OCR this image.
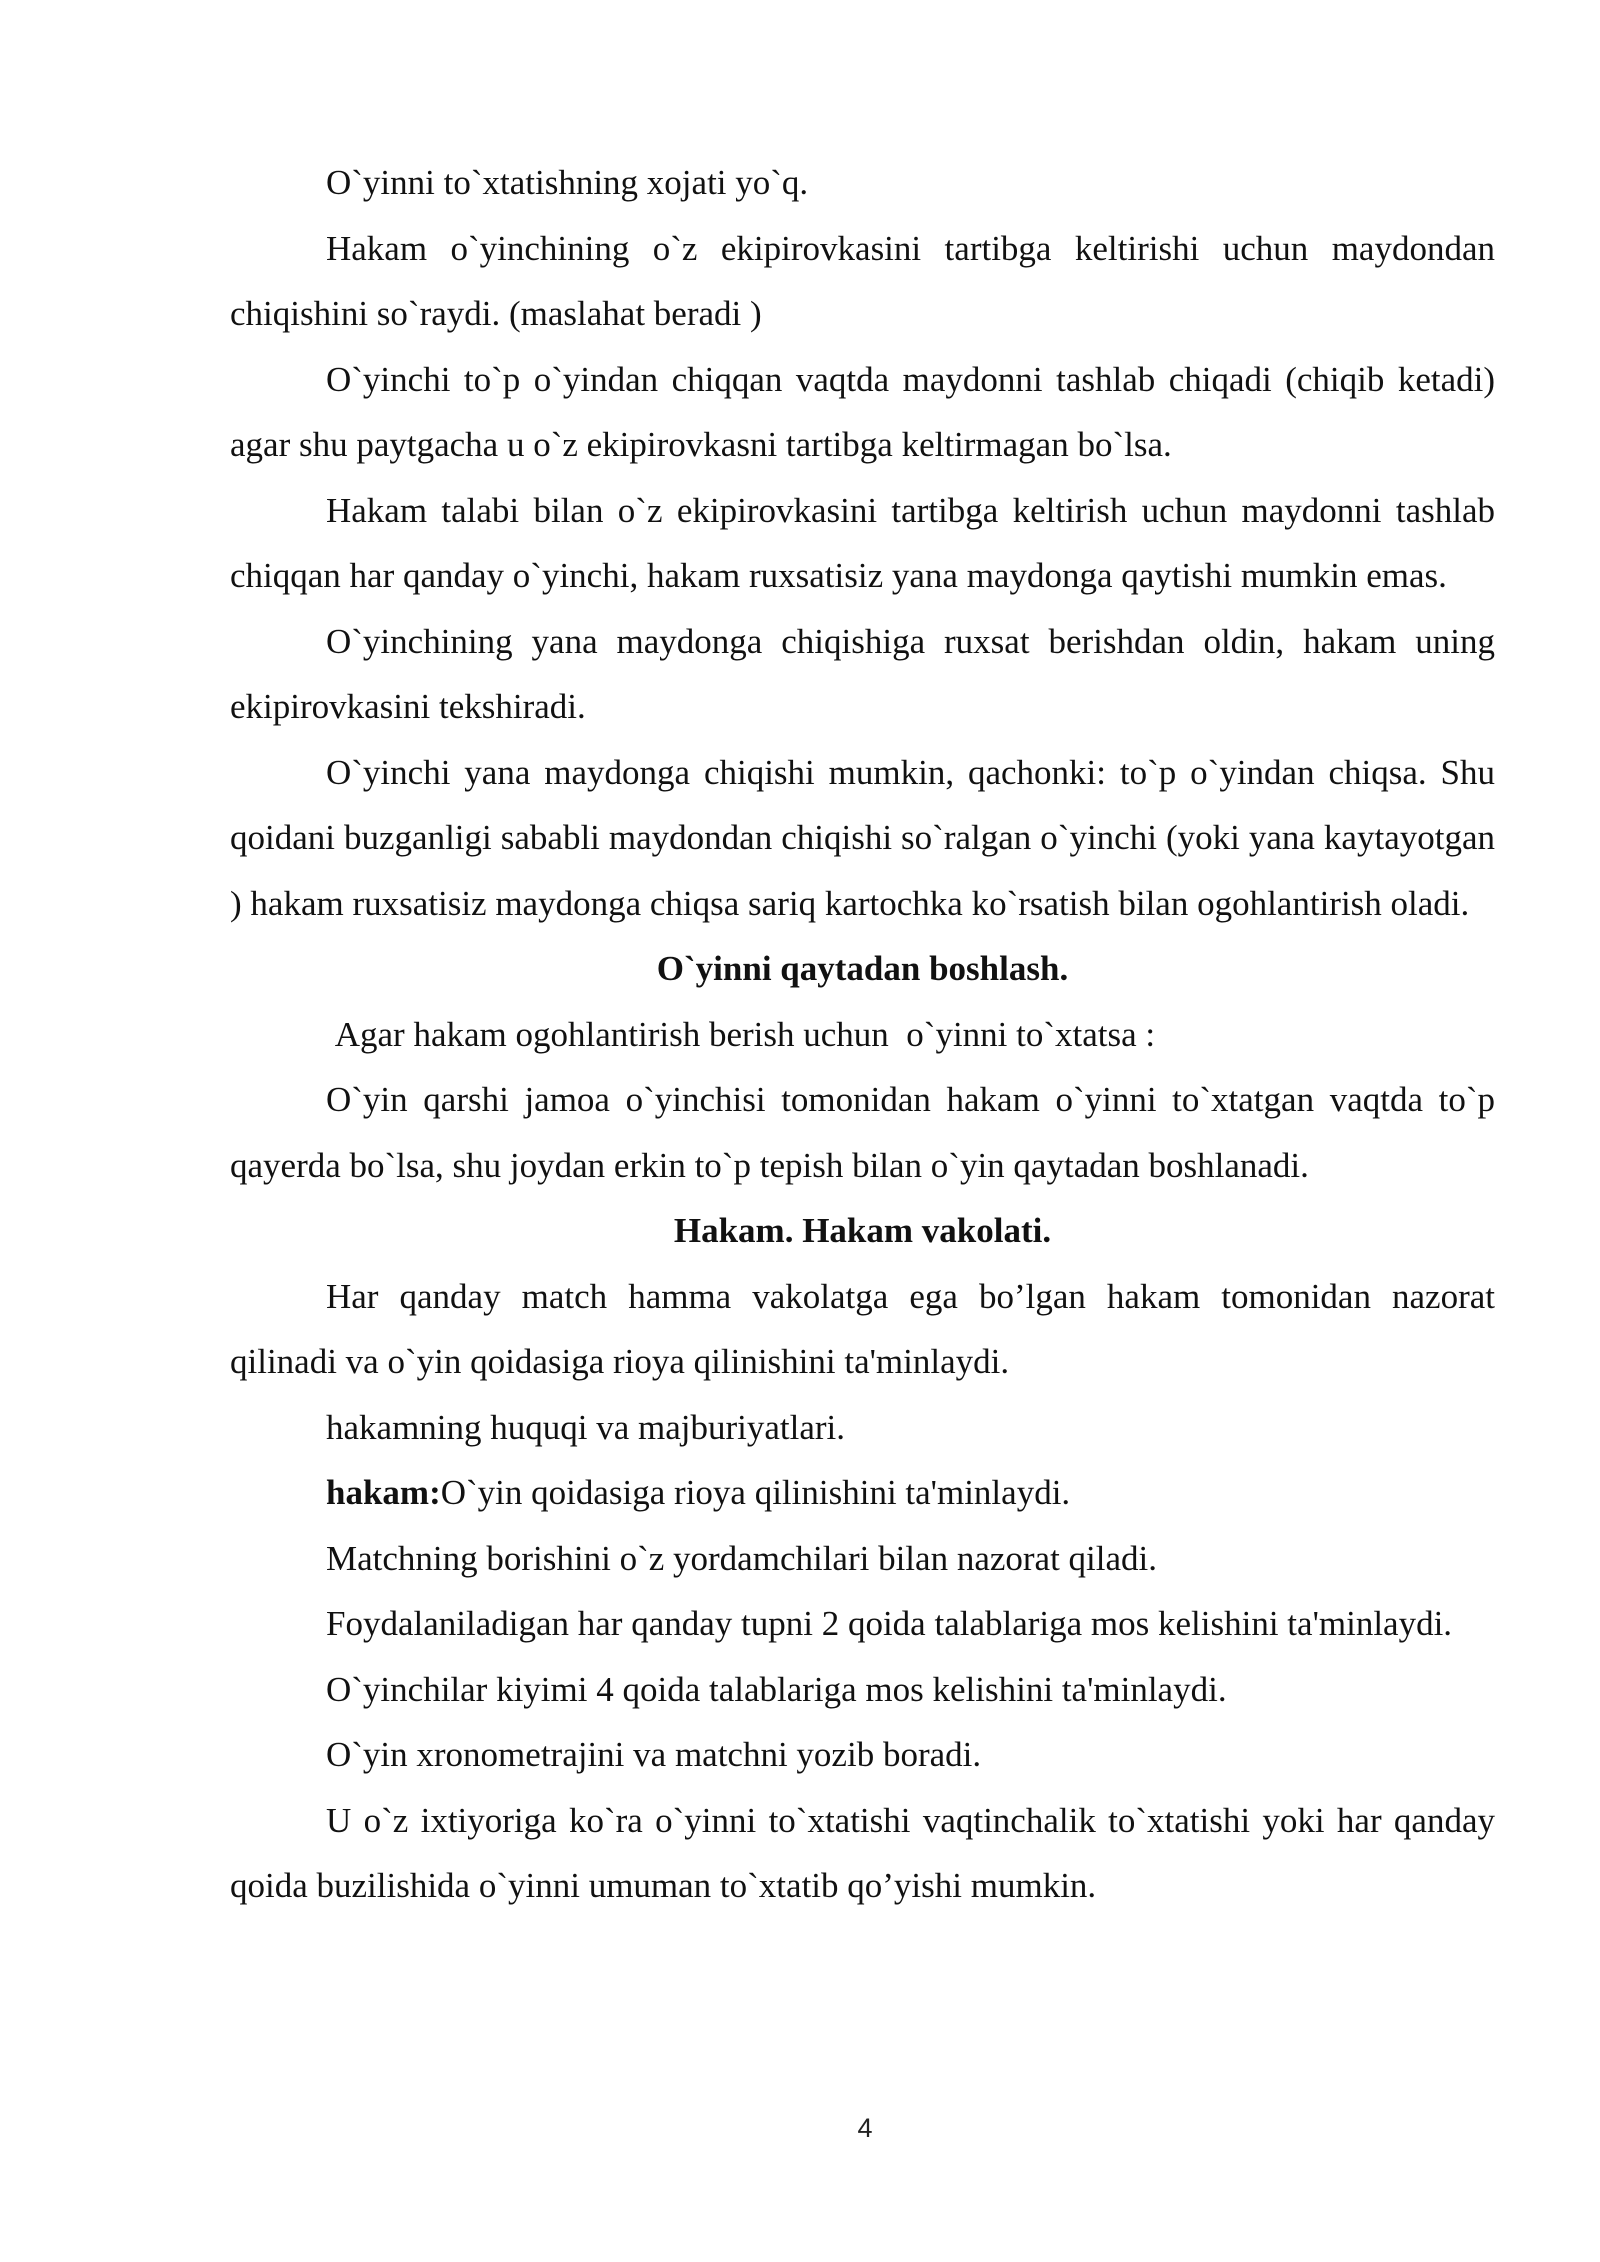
O`yinni to`xtatishning xojati yo`q.

Hakam o`yinchining o`z ekipirovkasini tartibga keltirishi uchun maydondan chiqishini so`raydi. (maslahat beradi )

O`yinchi to`p o`yindan chiqqan vaqtda maydonni tashlab chiqadi (chiqib ketadi) agar shu paytgacha u o`z ekipirovkasni tartibga keltirmagan bo`lsa.

Hakam talabi bilan o`z ekipirovkasini tartibga keltirish uchun maydonni tashlab chiqqan har qanday o`yinchi, hakam ruxsatisiz yana maydonga qaytishi mumkin emas.

O`yinchining yana maydonga chiqishiga ruxsat berishdan oldin, hakam uning ekipirovkasini tekshiradi.

O`yinchi yana maydonga chiqishi mumkin, qachonki: to`p o`yindan chiqsa. Shu qoidani buzganligi sababli maydondan chiqishi so`ralgan o`yinchi (yoki yana kaytayotgan ) hakam ruxsatisiz maydonga chiqsa sariq kartochka ko`rsatish bilan ogohlantirish oladi.

O`yinni qaytadan boshlash.

Agar hakam ogohlantirish berish uchun  o`yinni to`xtatsa :

O`yin qarshi jamoa o`yinchisi tomonidan hakam o`yinni to`xtatgan vaqtda to`p qayerda bo`lsa, shu joydan erkin to`p tepish bilan o`yin qaytadan boshlanadi.

Hakam. Hakam vakolati.

Har qanday match hamma vakolatga ega bo’lgan hakam tomonidan nazorat qilinadi va o`yin qoidasiga rioya qilinishini ta'minlaydi.

hakamning huquqi va majburiyatlari.

hakam:O`yin qoidasiga rioya qilinishini ta'minlaydi.

Matchning borishini o`z yordamchilari bilan nazorat qiladi.

Foydalaniladigan har qanday tupni 2 qoida talablariga mos kelishini ta'minlaydi.

O`yinchilar kiyimi 4 qoida talablariga mos kelishini ta'minlaydi.

O`yin xronometrajini va matchni yozib boradi.

U o`z ixtiyoriga ko`ra o`yinni to`xtatishi vaqtinchalik to`xtatishi yoki har qanday qoida buzilishida o`yinni umuman to`xtatib qo’yishi mumkin.

4
